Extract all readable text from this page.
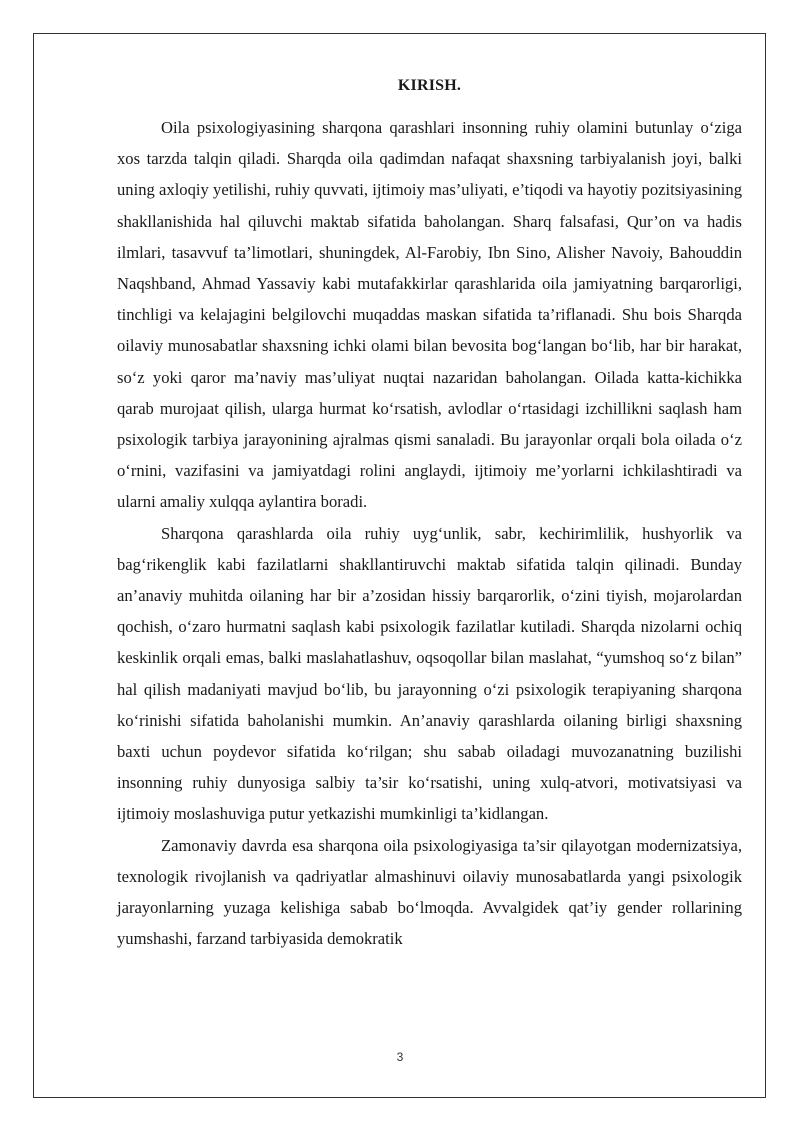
KIRISH.

Oila psixologiyasining sharqona qarashlari insonning ruhiy olamini butunlay o‘ziga xos tarzda talqin qiladi. Sharqda oila qadimdan nafaqat shaxsning tarbiyalanish joyi, balki uning axloqiy yetilishi, ruhiy quvvati, ijtimoiy mas’uliyati, e’tiqodi va hayotiy pozitsiyasining shakllanishida hal qiluvchi maktab sifatida baholangan. Sharq falsafasi, Qur’on va hadis ilmlari, tasavvuf ta’limotlari, shuningdek, Al-Farobiy, Ibn Sino, Alisher Navoiy, Bahouddin Naqshband, Ahmad Yassaviy kabi mutafakkirlar qarashlarida oila jamiyatning barqarorligi, tinchligi va kelajagini belgilovchi muqaddas maskan sifatida ta’riflanadi. Shu bois Sharqda oilaviy munosabatlar shaxsning ichki olami bilan bevosita bog‘langan bo‘lib, har bir harakat, so‘z yoki qaror ma’naviy mas’uliyat nuqtai nazaridan baholangan. Oilada katta-kichikka qarab murojaat qilish, ularga hurmat ko‘rsatish, avlodlar o‘rtasidagi izchillikni saqlash ham psixologik tarbiya jarayonining ajralmas qismi sanaladi. Bu jarayonlar orqali bola oilada o‘z o‘rnini, vazifasini va jamiyatdagi rolini anglaydi, ijtimoiy me’yorlarni ichkilashtiradi va ularni amaliy xulqqa aylantira boradi.

Sharqona qarashlarda oila ruhiy uyg‘unlik, sabr, kechirimlilik, hushyorlik va bag‘rikenglik kabi fazilatlarni shakllantiruvchi maktab sifatida talqin qilinadi. Bunday an’anaviy muhitda oilaning har bir a’zosidan hissiy barqarorlik, o‘zini tiyish, mojarolardan qochish, o‘zaro hurmatni saqlash kabi psixologik fazilatlar kutiladi. Sharqda nizolarni ochiq keskinlik orqali emas, balki maslahatlashuv, oqsoqollar bilan maslahat, “yumshoq so‘z bilan” hal qilish madaniyati mavjud bo‘lib, bu jarayonning o‘zi psixologik terapiyaning sharqona ko‘rinishi sifatida baholanishi mumkin. An’anaviy qarashlarda oilaning birligi shaxsning baxti uchun poydevor sifatida ko‘rilgan; shu sabab oiladagi muvozanatning buzilishi insonning ruhiy dunyosiga salbiy ta’sir ko‘rsatishi, uning xulq-atvori, motivatsiyasi va ijtimoiy moslashuviga putur yetkazishi mumkinligi ta’kidlangan.

Zamonaviy davrda esa sharqona oila psixologiyasiga ta’sir qilayotgan modernizatsiya, texnologik rivojlanish va qadriyatlar almashinuvi oilaviy munosabatlarda yangi psixologik jarayonlarning yuzaga kelishiga sabab bo‘lmoqda. Avvalgidek qat’iy gender rollarining yumshashi, farzand tarbiyasida demokratik

3
